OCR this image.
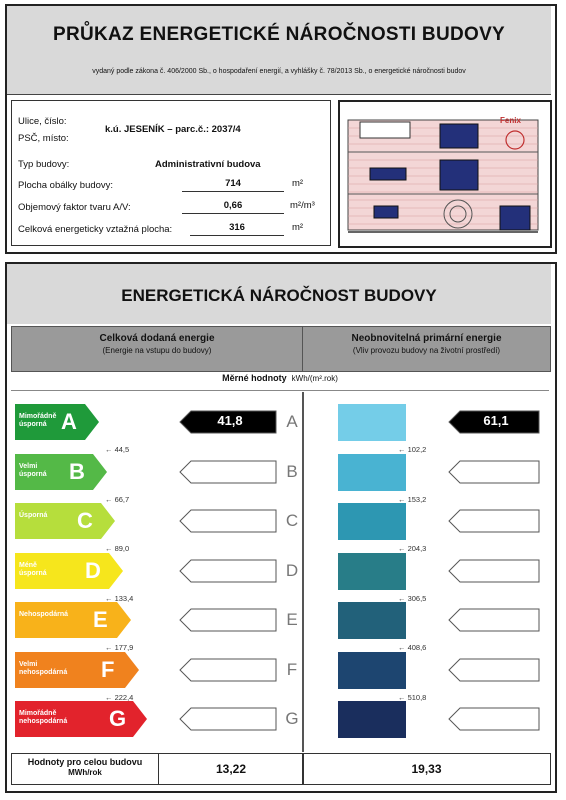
PRŮKAZ ENERGETICKÉ NÁROČNOSTI BUDOVY
vydaný podle zákona č. 406/2000 Sb., o hospodaření energií, a vyhlášky č. 78/2013 Sb., o energetické náročnosti budov
Ulice, číslo:
PSČ, místo:
k.ú. JESENÍK – parc.č.: 2037/4
Typ budovy:	Administrativní budova
Plocha obálky budovy:	714	m²
Objemový faktor tvaru A/V:	0,66	m²/m³
Celková energeticky vztažná plocha:	316	m²
Fenix
ENERGETICKÁ NÁROČNOST BUDOVY
Celková dodaná energie
(Energie na vstupu do budovy)
Neobnovitelná primární energie
(Vliv provozu budovy na životní prostředí)
Měrné hodnoty kWh/(m².rok)
Mimořádně
úsporná A	41,8	A
← 44,5
Velmi
úsporná B	B
← 66,7
Úsporná C	C
← 89,0
Méně
úsporná D	D
← 133,4
Nehospodárná E	E
← 177,9
Velmi
nehospodárná F	F
← 222,4
Mimořádně
nehospodárná G	G
61,1
← 102,2
← 153,2
← 204,3
← 306,5
← 408,6
← 510,8
Hodnoty pro celou budovu
MWh/rok	13,22	19,33
